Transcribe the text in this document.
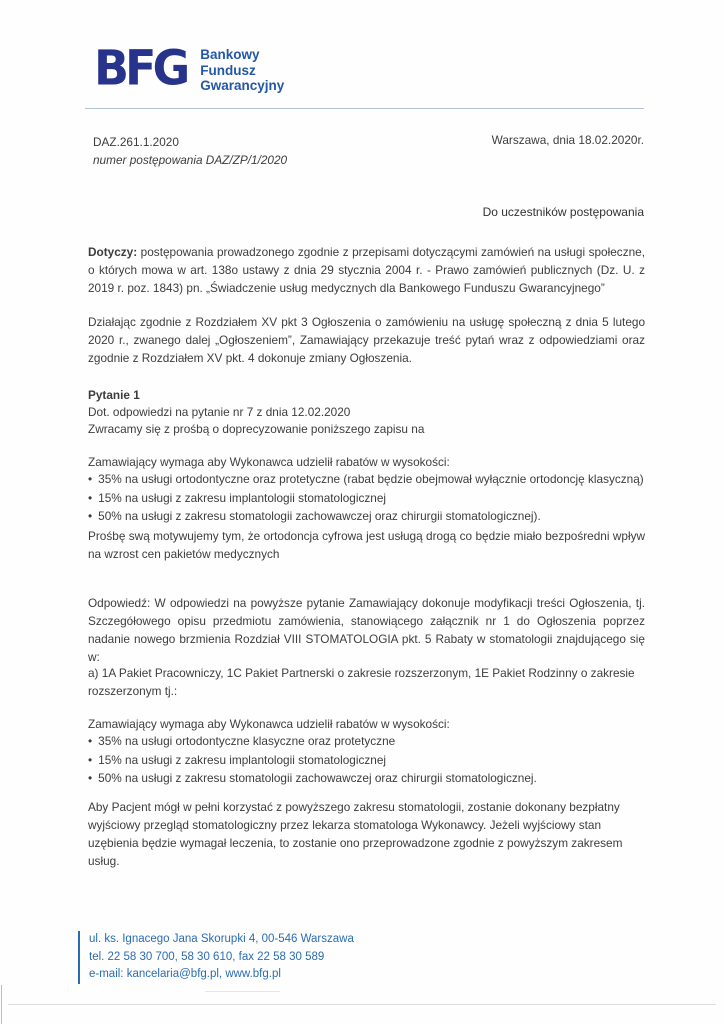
BFG Bankowy
Fundusz
Gwarancyjny
DAZ.261.1.2020
numer postępowania DAZ/ZP/1/2020
Warszawa, dnia 18.02.2020r.
Do uczestników postępowania
Dotyczy: postępowania prowadzonego zgodnie z przepisami dotyczącymi zamówień na usługi społeczne, o których mowa w art. 138o ustawy z dnia 29 stycznia 2004 r. - Prawo zamówień publicznych (Dz. U. z 2019 r. poz. 1843) pn. „Świadczenie usług medycznych dla Bankowego Funduszu Gwarancyjnego”
Działając zgodnie z Rozdziałem XV pkt 3 Ogłoszenia o zamówieniu na usługę społeczną z dnia 5 lutego 2020 r., zwanego dalej „Ogłoszeniem”, Zamawiający przekazuje treść pytań wraz z odpowiedziami oraz zgodnie z Rozdziałem XV pkt. 4 dokonuje zmiany Ogłoszenia.
Pytanie 1
Dot. odpowiedzi na pytanie nr 7 z dnia 12.02.2020
Zwracamy się z prośbą o doprecyzowanie poniższego zapisu na
Zamawiający wymaga aby Wykonawca udzielił rabatów w wysokości:
• 35% na usługi ortodontyczne oraz protetyczne (rabat będzie obejmował wyłącznie ortodoncję klasyczną)
• 15% na usługi z zakresu implantologii stomatologicznej
• 50% na usługi z zakresu stomatologii zachowawczej oraz chirurgii stomatologicznej).
Prośbę swą motywujemy tym, że ortodoncja cyfrowa jest usługą drogą co będzie miało bezpośredni wpływ na wzrost cen pakietów medycznych
Odpowiedź: W odpowiedzi na powyższe pytanie Zamawiający dokonuje modyfikacji treści Ogłoszenia, tj. Szczegółowego opisu przedmiotu zamówienia, stanowiącego załącznik nr 1 do Ogłoszenia poprzez nadanie nowego brzmienia Rozdział VIII STOMATOLOGIA pkt. 5 Rabaty w stomatologii znajdującego się w:
a) 1A Pakiet Pracowniczy, 1C Pakiet Partnerski o zakresie rozszerzonym, 1E Pakiet Rodzinny o zakresie rozszerzonym tj.:
Zamawiający wymaga aby Wykonawca udzielił rabatów w wysokości:
• 35% na usługi ortodontyczne klasyczne oraz protetyczne
• 15% na usługi z zakresu implantologii stomatologicznej
• 50% na usługi z zakresu stomatologii zachowawczej oraz chirurgii stomatologicznej.
Aby Pacjent mógł w pełni korzystać z powyższego zakresu stomatologii, zostanie dokonany bezpłatny wyjściowy przegląd stomatologiczny przez lekarza stomatologa Wykonawcy. Jeżeli wyjściowy stan uzębienia będzie wymagał leczenia, to zostanie ono przeprowadzone zgodnie z powyższym zakresem usług.
ul. ks. Ignacego Jana Skorupki 4, 00-546 Warszawa
tel. 22 58 30 700, 58 30 610, fax 22 58 30 589
e-mail: kancelaria@bfg.pl, www.bfg.pl
